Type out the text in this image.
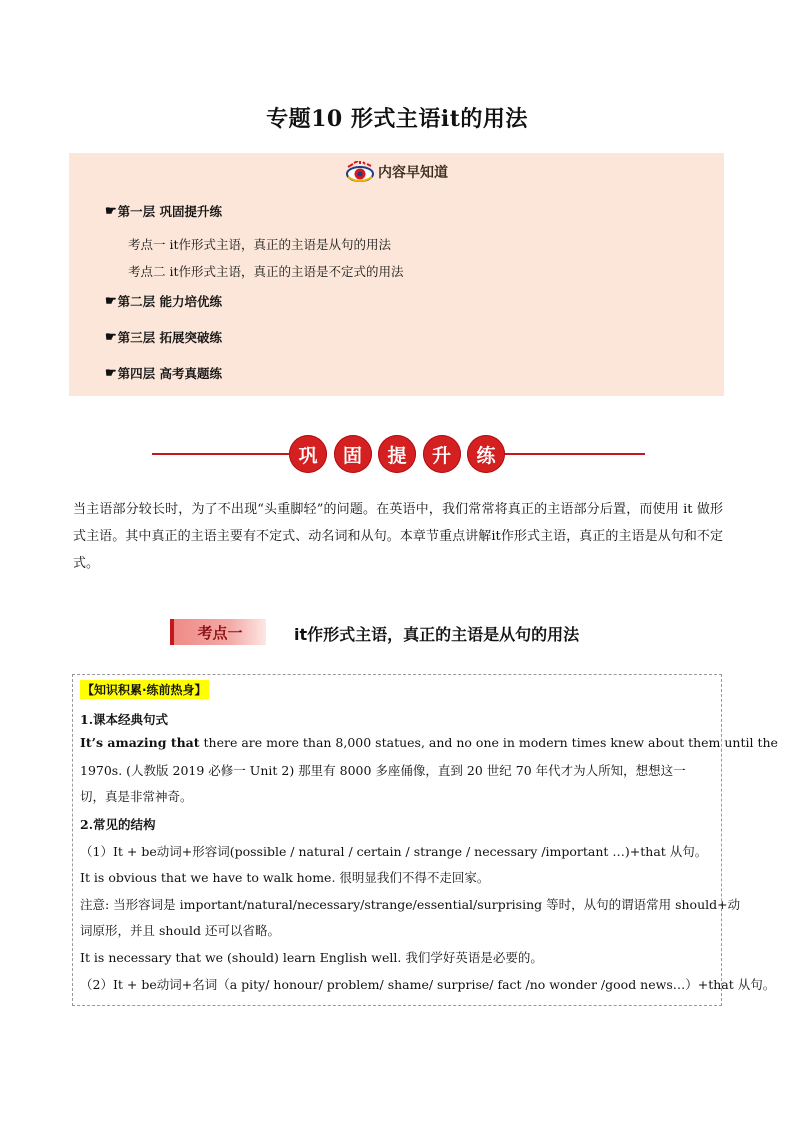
专题10 形式主语it的用法
内容早知道
☛ 第一层 巩固提升练
考点一 it作形式主语，真正的主语是从句的用法
考点二 it作形式主语，真正的主语是不定式的用法
☛ 第二层 能力培优练
☛ 第三层 拓展突破练
☛ 第四层 高考真题练
巩	固	提	升	练
当主语部分较长时，为了不出现“头重脚轻”的问题。在英语中，我们常常将真正的主语部分后置，而使用 it 做形式主语。其中真正的主语主要有不定式、动名词和从句。本章节重点讲解it作形式主语，真正的主语是从句和不定式。
考点一	it作形式主语，真正的主语是从句的用法
【知识积累·练前热身】
1.课本经典句式
It’s amazing that there are more than 8,000 statues, and no one in modern times knew about them until the
1970s. (人教版 2019 必修一 Unit 2) 那里有 8000 多座俑像，直到 20 世纪 70 年代才为人所知，想想这一
切，真是非常神奇。
2.常见的结构
（1）It + be动词+形容词(possible / natural / certain / strange / necessary /important …)+that 从句。
It is obvious that we have to walk home. 很明显我们不得不走回家。
注意: 当形容词是 important/natural/necessary/strange/essential/surprising 等时，从句的谓语常用 should+动
词原形，并且 should 还可以省略。
It is necessary that we (should) learn English well. 我们学好英语是必要的。
（2）It + be动词+名词（a pity/ honour/ problem/ shame/ surprise/ fact /no wonder /good news…）+that 从句。
